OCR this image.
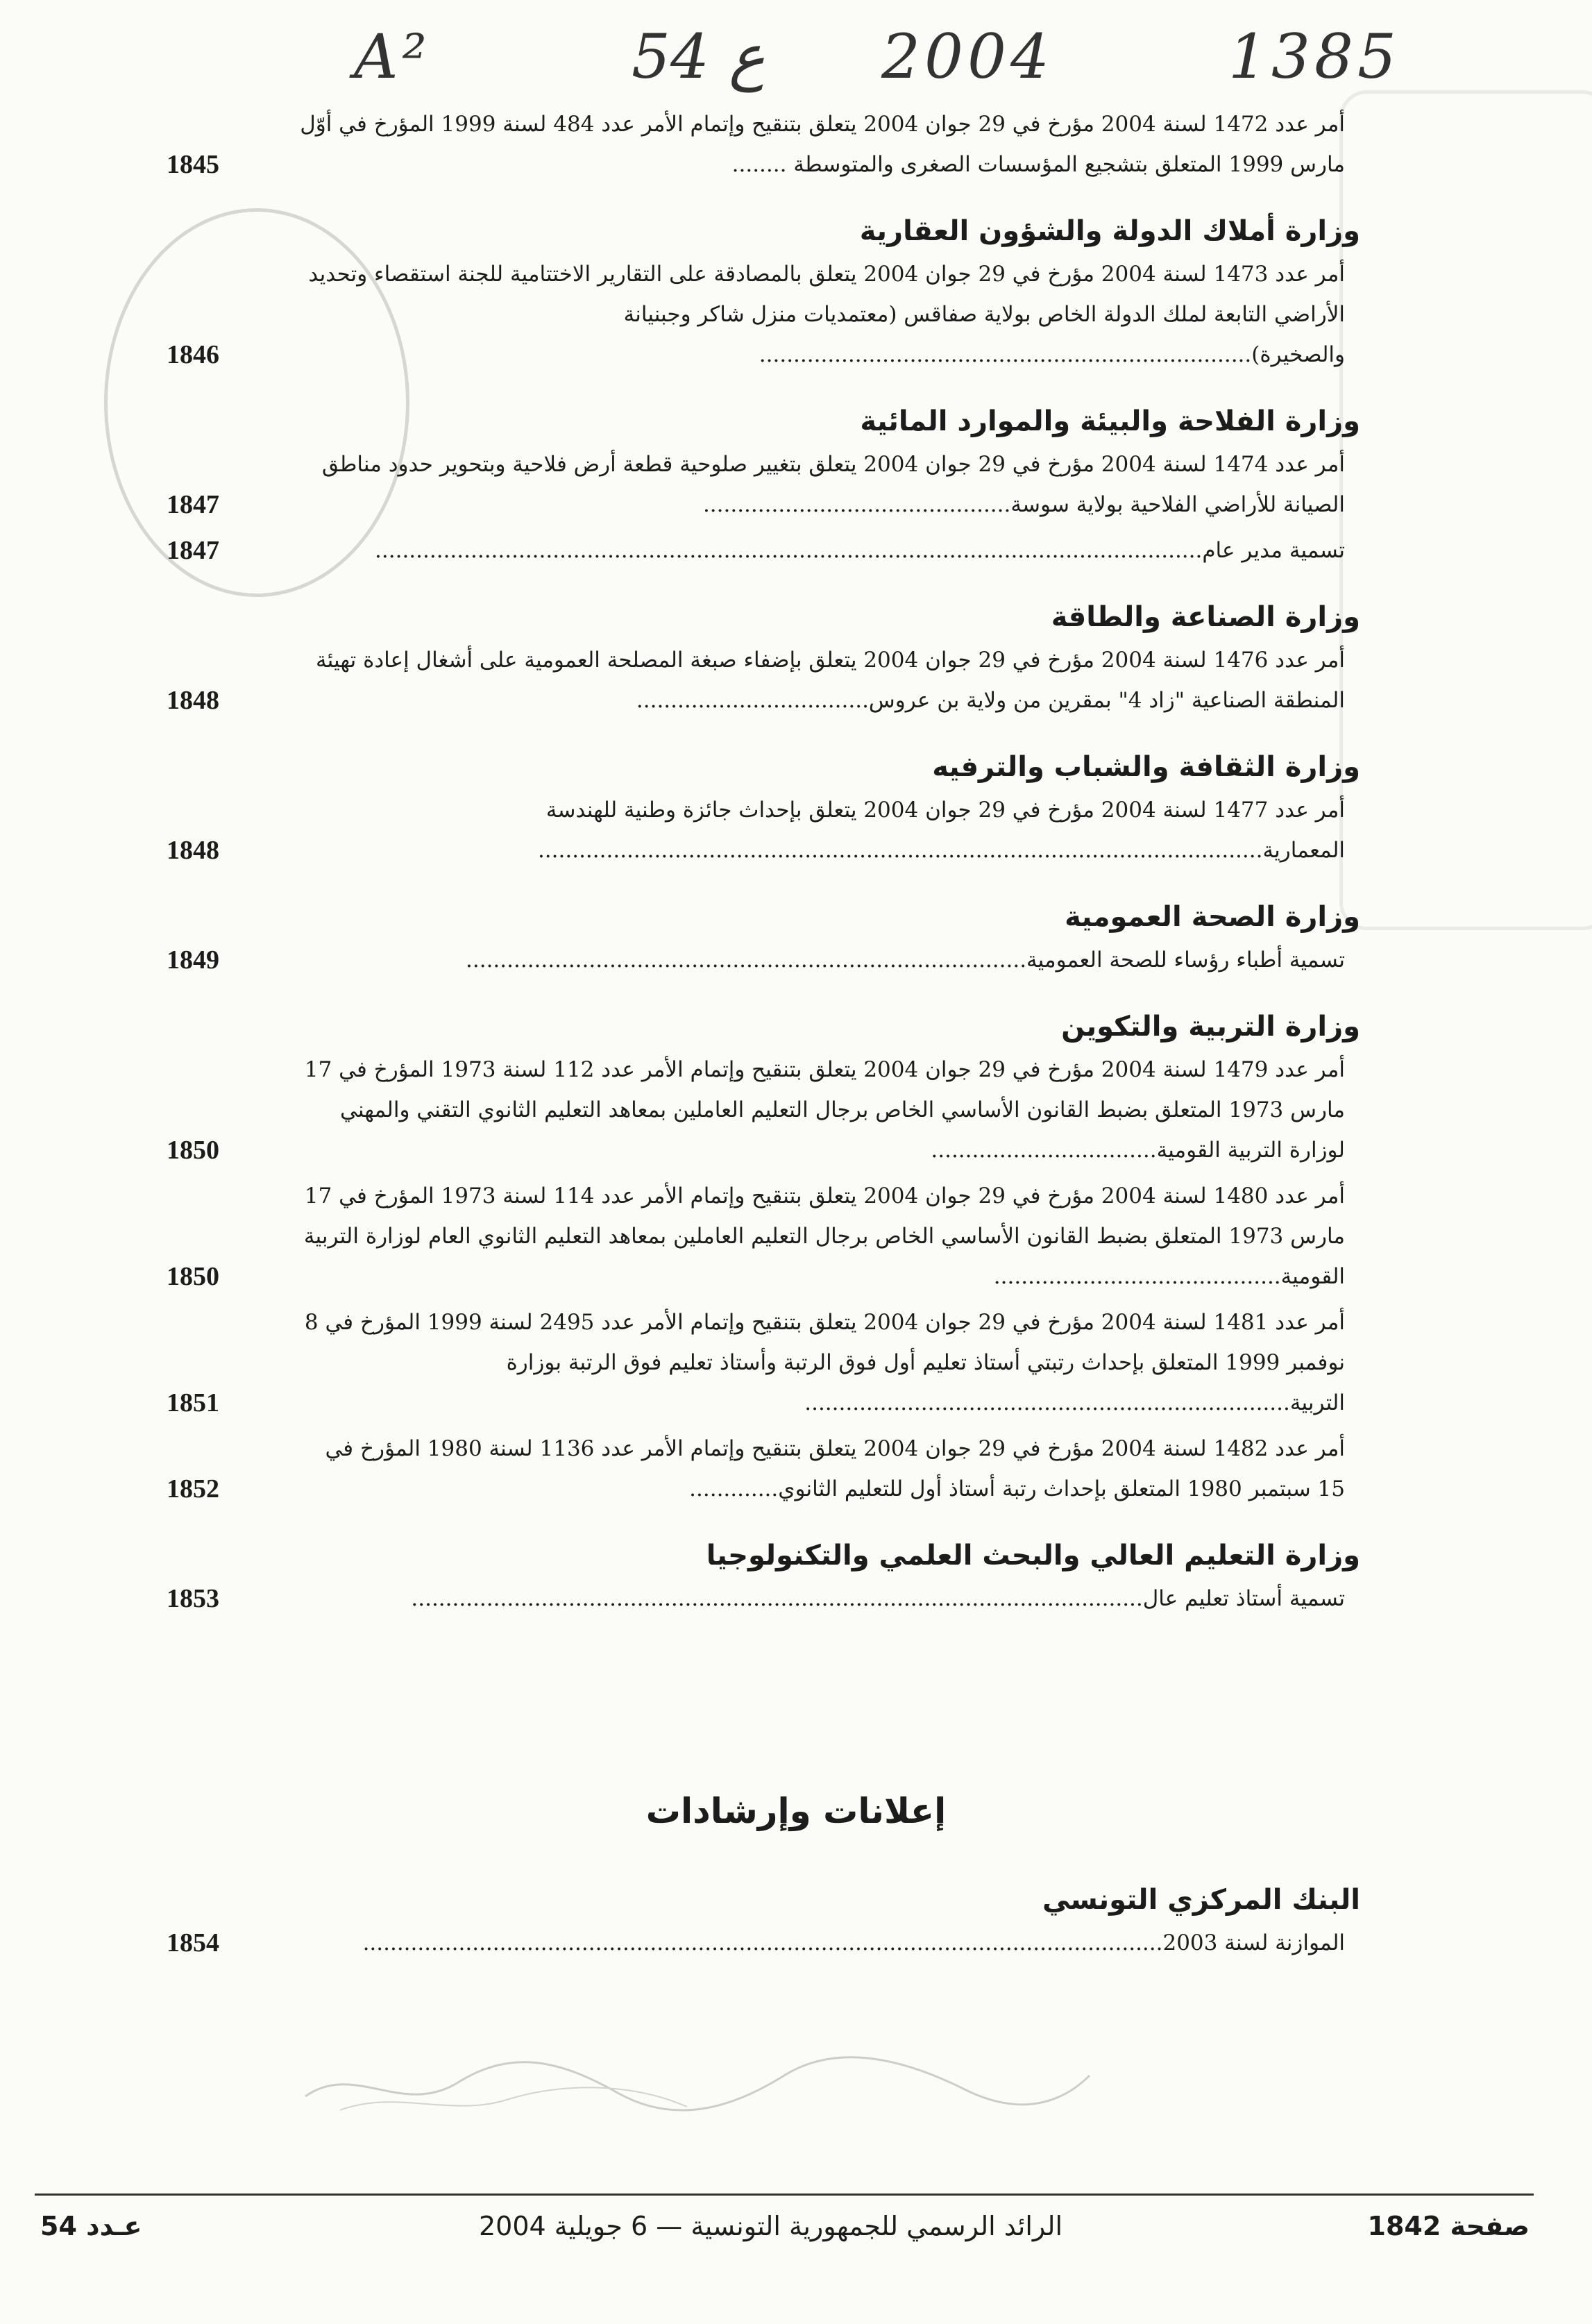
A²	54 ع 2004	1385
أمر عدد 1472 لسنة 2004 مؤرخ في 29 جوان 2004 يتعلق بتنقيح وإتمام الأمر عدد 484 لسنة 1999 المؤرخ في أوّل مارس 1999 المتعلق بتشجيع المؤسسات الصغرى والمتوسطة ........
1845
وزارة أملاك الدولة والشؤون العقارية
أمر عدد 1473 لسنة 2004 مؤرخ في 29 جوان 2004 يتعلق بالمصادقة على التقارير الاختتامية للجنة استقصاء وتحديد الأراضي التابعة لملك الدولة الخاص بولاية صفاقس (معتمديات منزل شاكر وجبنيانة والصخيرة)........................................................................
1846
وزارة الفلاحة والبيئة والموارد المائية
أمر عدد 1474 لسنة 2004 مؤرخ في 29 جوان 2004 يتعلق بتغيير صلوحية قطعة أرض فلاحية وبتحوير حدود مناطق الصيانة للأراضي الفلاحية بولاية سوسة.............................................
1847
تسمية مدير عام.........................................................................................................................
1847
وزارة الصناعة والطاقة
أمر عدد 1476 لسنة 2004 مؤرخ في 29 جوان 2004 يتعلق بإضفاء صبغة المصلحة العمومية على أشغال إعادة تهيئة المنطقة الصناعية "زاد 4" بمقرين من ولاية بن عروس..................................
1848
وزارة الثقافة والشباب والترفيه
أمر عدد 1477 لسنة 2004 مؤرخ في 29 جوان 2004 يتعلق بإحداث جائزة وطنية للهندسة المعمارية..........................................................................................................
1848
وزارة الصحة العمومية
تسمية أطباء رؤساء للصحة العمومية..................................................................................
1849
وزارة التربية والتكوين
أمر عدد 1479 لسنة 2004 مؤرخ في 29 جوان 2004 يتعلق بتنقيح وإتمام الأمر عدد 112 لسنة 1973 المؤرخ في 17 مارس 1973 المتعلق بضبط القانون الأساسي الخاص برجال التعليم العاملين بمعاهد التعليم الثانوي التقني والمهني لوزارة التربية القومية.................................
1850
أمر عدد 1480 لسنة 2004 مؤرخ في 29 جوان 2004 يتعلق بتنقيح وإتمام الأمر عدد 114 لسنة 1973 المؤرخ في 17 مارس 1973 المتعلق بضبط القانون الأساسي الخاص برجال التعليم العاملين بمعاهد التعليم الثانوي العام لوزارة التربية القومية..........................................
1850
أمر عدد 1481 لسنة 2004 مؤرخ في 29 جوان 2004 يتعلق بتنقيح وإتمام الأمر عدد 2495 لسنة 1999 المؤرخ في 8 نوفمبر 1999 المتعلق بإحداث رتبتي أستاذ تعليم أول فوق الرتبة وأستاذ تعليم فوق الرتبة بوزارة التربية.......................................................................
1851
أمر عدد 1482 لسنة 2004 مؤرخ في 29 جوان 2004 يتعلق بتنقيح وإتمام الأمر عدد 1136 لسنة 1980 المؤرخ في 15 سبتمبر 1980 المتعلق بإحداث رتبة أستاذ أول للتعليم الثانوي.............
1852
وزارة التعليم العالي والبحث العلمي والتكنولوجيا
تسمية أستاذ تعليم عال...........................................................................................................
1853
إعلانات وإرشادات
البنك المركزي التونسي
الموازنة لسنة 2003.....................................................................................................................
1854
صفحة 1842
الرائد الرسمي للجمهورية التونسية — 6 جويلية 2004
عـدد 54
